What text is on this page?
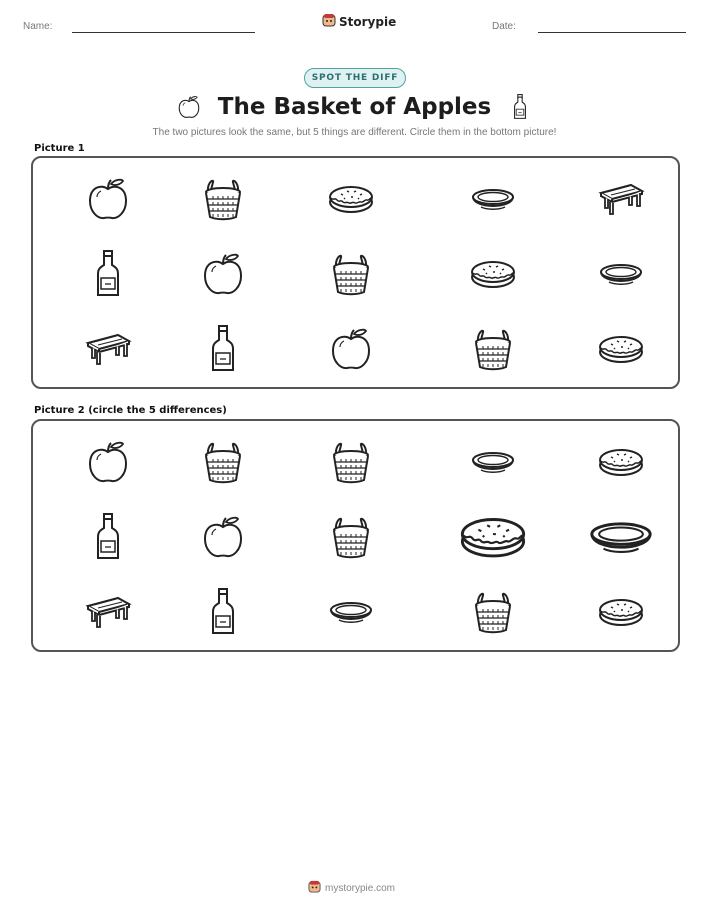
Name:	Storypie	Date:
SPOT THE DIFF
The Basket of Apples
The two pictures look the same, but 5 things are different. Circle them in the bottom picture!
Picture 1
Picture 2 (circle the 5 differences)
mystorypie.com
